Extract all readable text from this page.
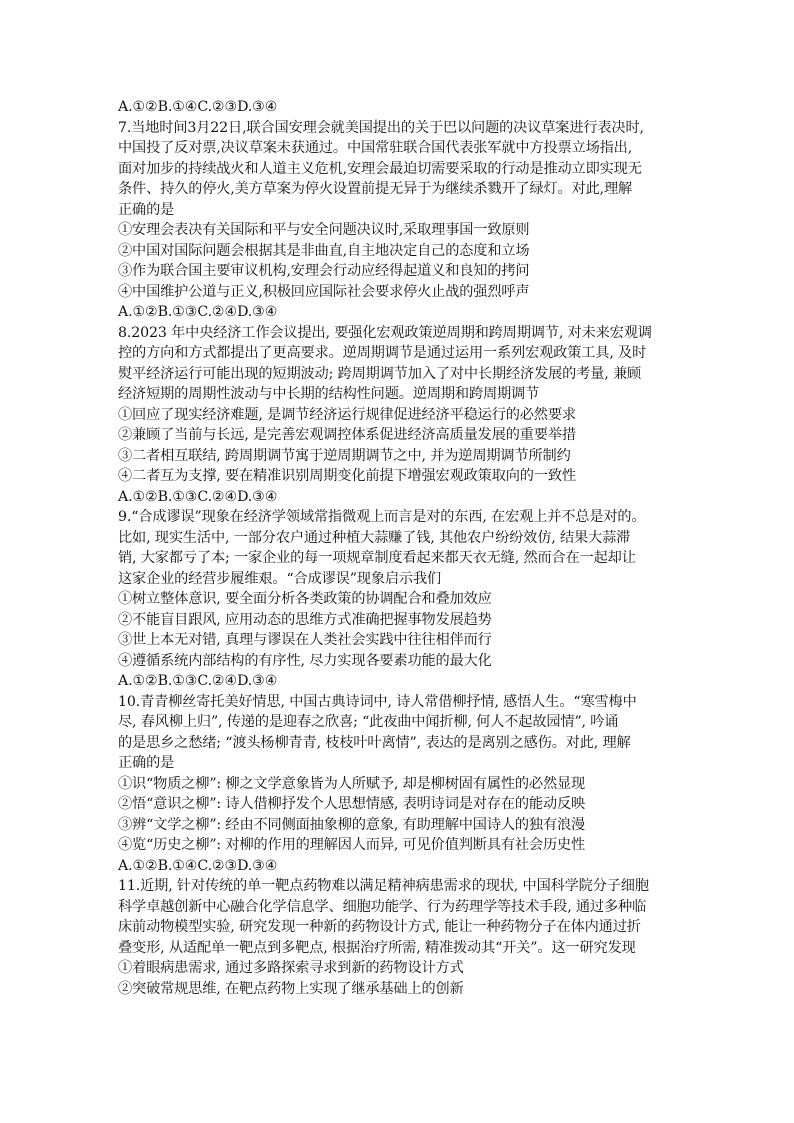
A.①②B.①④C.②③D.③④
7.当地时间3月22日,联合国安理会就美国提出的关于巴以问题的决议草案进行表决时,
中国投了反对票,决议草案未获通过。中国常驻联合国代表张军就中方投票立场指出,
面对加步的持续战火和人道主义危机,安理会最迫切需要采取的行动是推动立即实现无
条件、持久的停火,美方草案为停火设置前提无异于为继续杀戮开了绿灯。对此,理解
正确的是
①安理会表决有关国际和平与安全问题决议时,采取理事国一致原则
②中国对国际问题会根据其是非曲直,自主地决定自己的态度和立场
③作为联合国主要审议机构,安理会行动应经得起道义和良知的拷问
④中国维护公道与正义,积极回应国际社会要求停火止战的强烈呼声
A.①②B.①③C.②④D.③④
8.2023 年中央经济工作会议提出, 要强化宏观政策逆周期和跨周期调节, 对未来宏观调
控的方向和方式都提出了更高要求。逆周期调节是通过运用一系列宏观政策工具, 及时
熨平经济运行可能出现的短期波动; 跨周期调节加入了对中长期经济发展的考量, 兼顾
经济短期的周期性波动与中长期的结构性问题。逆周期和跨周期调节
①回应了现实经济难题, 是调节经济运行规律促进经济平稳运行的必然要求
②兼顾了当前与长远, 是完善宏观调控体系促进经济高质量发展的重要举措
③二者相互联结, 跨周期调节寓于逆周期调节之中, 并为逆周期调节所制约
④二者互为支撑, 要在精准识别周期变化前提下增强宏观政策取向的一致性
A.①②B.①③C.②④D.③④
9.“合成谬误”现象在经济学领域常指微观上而言是对的东西, 在宏观上并不总是对的。
比如, 现实生活中, 一部分农户通过种植大蒜赚了钱, 其他农户纷纷效仿, 结果大蒜滞
销, 大家都亏了本; 一家企业的每一项规章制度看起来都天衣无缝, 然而合在一起却让
这家企业的经营步履维艰。“合成谬误”现象启示我们
①树立整体意识, 要全面分析各类政策的协调配合和叠加效应
②不能盲目跟风, 应用动态的思维方式准确把握事物发展趋势
③世上本无对错, 真理与谬误在人类社会实践中往往相伴而行
④遵循系统内部结构的有序性, 尽力实现各要素功能的最大化
A.①②B.①③C.②④D.③④
10.青青柳丝寄托美好情思, 中国古典诗词中, 诗人常借柳抒情, 感悟人生。“寒雪梅中
尽, 春风柳上归”, 传递的是迎春之欣喜; “此夜曲中闻折柳, 何人不起故园情”, 吟诵
的是思乡之愁绪; “渡头杨柳青青, 枝枝叶叶离情”, 表达的是离别之感伤。对此, 理解
正确的是
①识“物质之柳”: 柳之文学意象皆为人所赋予, 却是柳树固有属性的必然显现
②悟“意识之柳”: 诗人借柳抒发个人思想情感, 表明诗词是对存在的能动反映
③辨“文学之柳”: 经由不同侧面抽象柳的意象, 有助理解中国诗人的独有浪漫
④览“历史之柳”: 对柳的作用的理解因人而异, 可见价值判断具有社会历史性
A.①②B.①④C.②③D.③④
11.近期, 针对传统的单一靶点药物难以满足精神病患需求的现状, 中国科学院分子细胞
科学卓越创新中心融合化学信息学、细胞功能学、行为药理学等技术手段, 通过多种临
床前动物模型实验, 研究发现一种新的药物设计方式, 能让一种药物分子在体内通过折
叠变形, 从适配单一靶点到多靶点, 根据治疗所需, 精准拨动其“开关”。这一研究发现
①着眼病患需求, 通过多路探索寻求到新的药物设计方式
②突破常规思维, 在靶点药物上实现了继承基础上的创新
